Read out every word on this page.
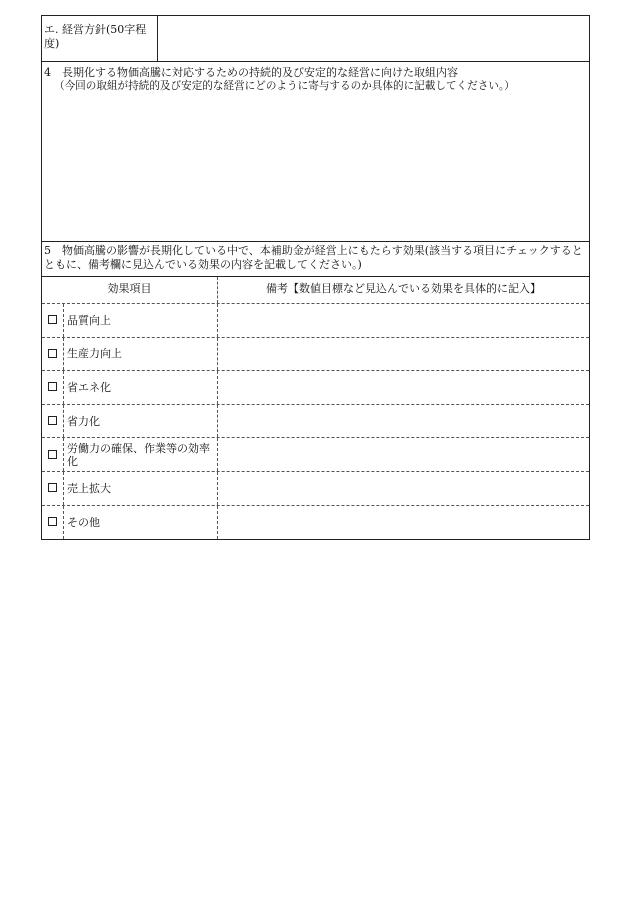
エ. 経営方針(50字程度)
4　長期化する物価高騰に対応するための持続的及び安定的な経営に向けた取組内容
（今回の取組が持続的及び安定的な経営にどのように寄与するのか具体的に記載してください。）
5　物価高騰の影響が長期化している中で、本補助金が経営上にもたらす効果(該当する項目にチェックするとともに、備考欄に見込んでいる効果の内容を記載してください。)
効果項目	備考【数値目標など見込んでいる効果を具体的に記入】
品質向上
生産力向上
省エネ化
省力化
労働力の確保、作業等の効率化
売上拡大
その他
